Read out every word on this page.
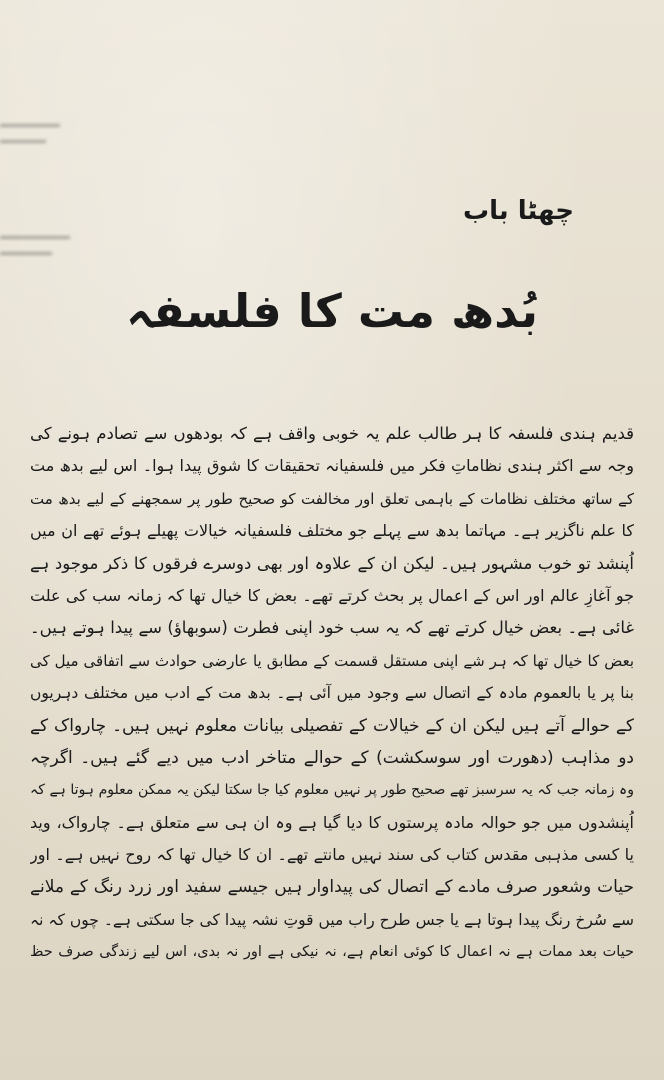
چھٹا باب
بُدھ مت کا فلسفہ
قدیم ہندی فلسفہ کا ہر طالب علم یہ خوبی واقف ہے کہ بودھوں سے تصادم ہونے کی
وجہ سے اکثر ہندی نظاماتِ فکر میں فلسفیانہ تحقیقات کا شوق پیدا ہوا۔ اس لیے بدھ مت
کے ساتھ مختلف نظامات کے باہمی تعلق اور مخالفت کو صحیح طور پر سمجھنے کے لیے بدھ مت
کا علم ناگزیر ہے۔ مہاتما بدھ سے پہلے جو مختلف فلسفیانہ خیالات پھیلے ہوئے تھے ان میں
اُپنشد تو خوب مشہور ہیں۔ لیکن ان کے علاوہ اور بھی دوسرے فرقوں کا ذکر موجود ہے
جو آغازِ عالم اور اس کے اعمال پر بحث کرتے تھے۔ بعض کا خیال تھا کہ زمانہ سب کی علت
غائی ہے۔ بعض خیال کرتے تھے کہ یہ سب خود اپنی فطرت (سوبھاؤ) سے پیدا ہوتے ہیں۔
بعض کا خیال تھا کہ ہر شے اپنی مستقل قسمت کے مطابق یا عارضی حوادث سے اتفاقی میل کی
بنا پر یا بالعموم مادہ کے اتصال سے وجود میں آئی ہے۔ بدھ مت کے ادب میں مختلف دہریوں
کے حوالے آتے ہیں لیکن ان کے خیالات کے تفصیلی بیانات معلوم نہیں ہیں۔ چارواک کے
دو مذاہب (دھورت اور سوسکشت) کے حوالے متاخر ادب میں دیے گئے ہیں۔ اگرچہ
وہ زمانہ جب کہ یہ سرسبز تھے صحیح طور پر نہیں معلوم کیا جا سکتا لیکن یہ ممکن معلوم ہوتا ہے کہ
اُپنشدوں میں جو حوالہ مادہ پرستوں کا دیا گیا ہے وہ ان ہی سے متعلق ہے۔ چارواک، وید
یا کسی مذہبی مقدس کتاب کی سند نہیں مانتے تھے۔ ان کا خیال تھا کہ روح نہیں ہے۔ اور
حیات وشعور صرف مادے کے اتصال کی پیداوار ہیں جیسے سفید اور زرد رنگ کے ملانے
سے سُرخ رنگ پیدا ہوتا ہے یا جس طرح راب میں قوتِ نشہ پیدا کی جا سکتی ہے۔ چوں کہ نہ
حیات بعد ممات ہے نہ اعمال کا کوئی انعام ہے، نہ نیکی ہے اور نہ بدی، اس لیے زندگی صرف حظ
